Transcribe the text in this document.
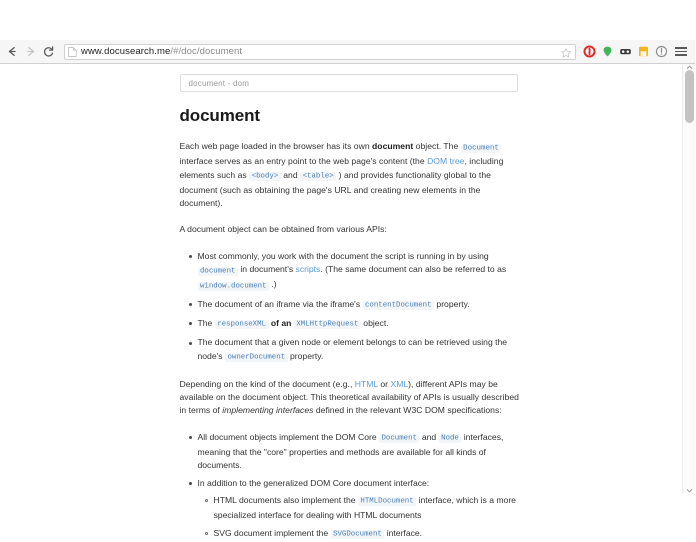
www.docusearch.me/#/doc/document
document - dom
document

Each web page loaded in the browser has its own document object. The Document interface serves as an entry point to the web page's content (the DOM tree, including elements such as <body> and <table> ) and provides functionality global to the document (such as obtaining the page's URL and creating new elements in the document).

A document object can be obtained from various APIs:

Most commonly, you work with the document the script is running in by using document in document's scripts. (The same document can also be referred to as window.document .)
The document of an iframe via the iframe's contentDocument property.
The responseXML of an XMLHttpRequest object.
The document that a given node or element belongs to can be retrieved using the node's ownerDocument property.

Depending on the kind of the document (e.g., HTML or XML), different APIs may be available on the document object. This theoretical availability of APIs is usually described in terms of implementing interfaces defined in the relevant W3C DOM specifications:

All document objects implement the DOM Core Document and Node interfaces, meaning that the "core" properties and methods are available for all kinds of documents.
In addition to the generalized DOM Core document interface:
HTML documents also implement the HTMLDocument interface, which is a more specialized interface for dealing with HTML documents
SVG document implement the SVGDocument interface.
